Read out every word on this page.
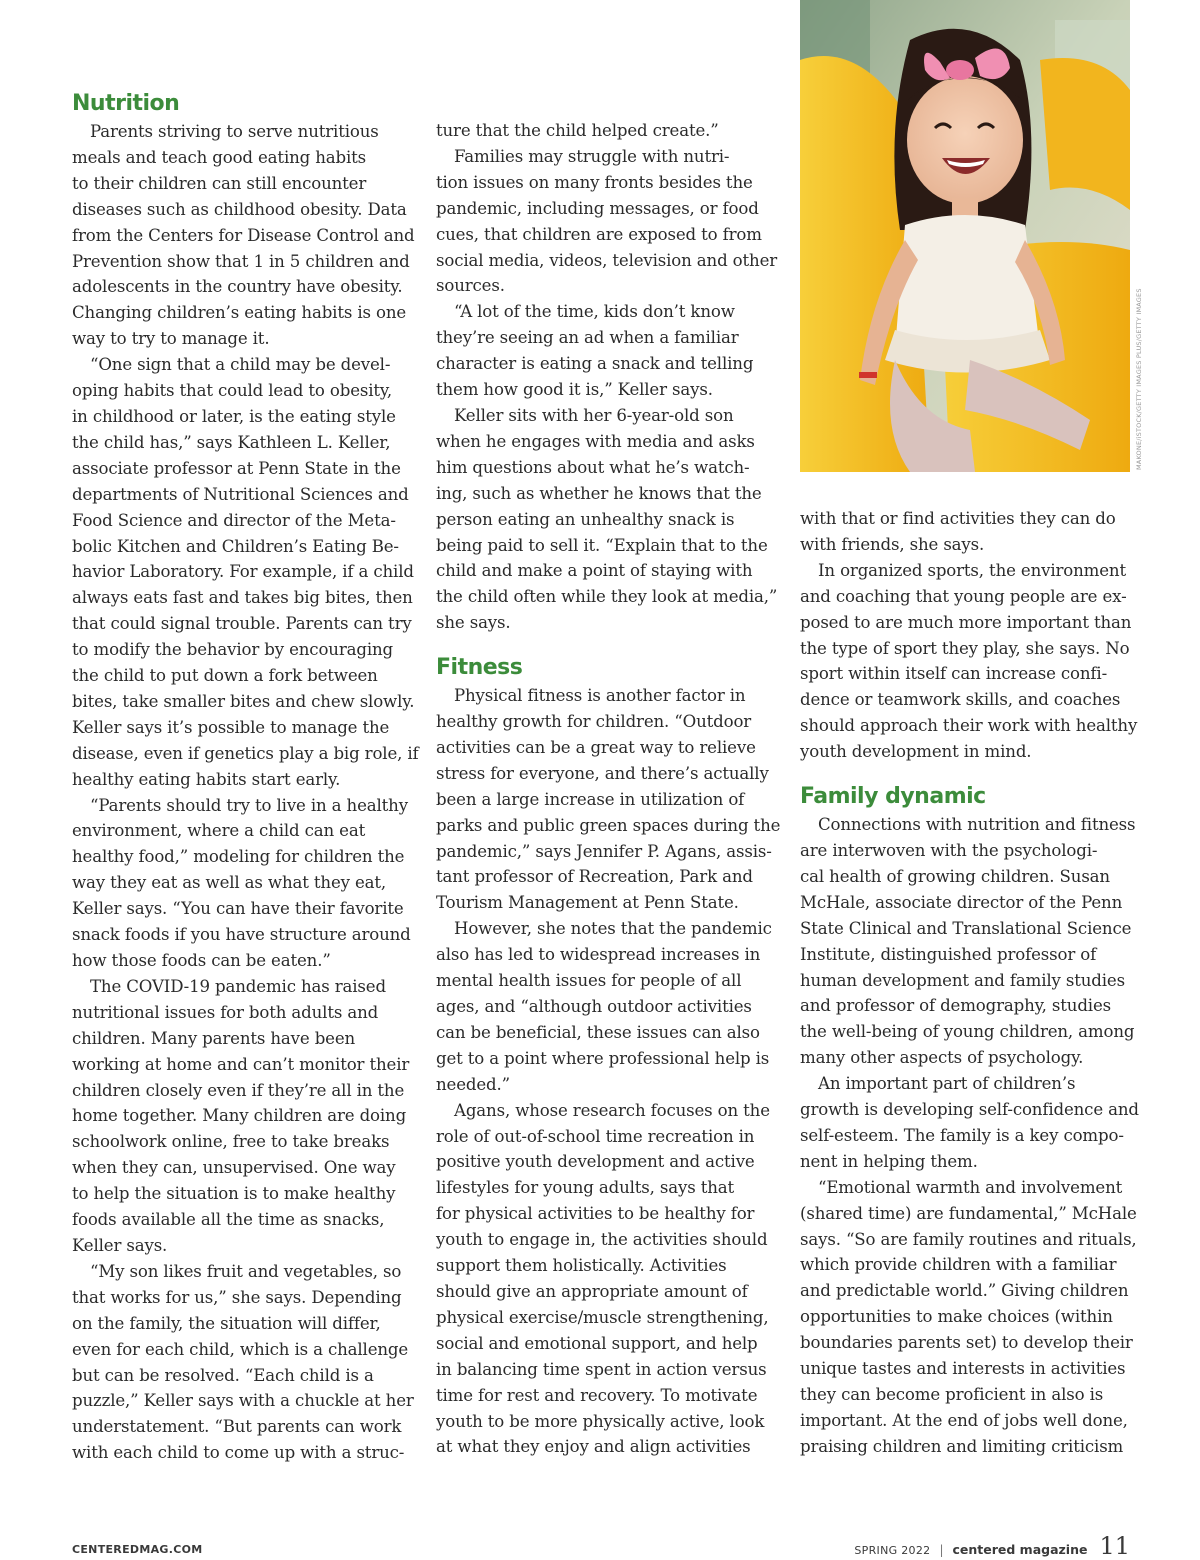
MAKONE/iSTOCK/GETTY IMAGES PLUS/GETTY IMAGES
Nutrition
Parents striving to serve nutritious
meals and teach good eating habits
to their children can still encounter
diseases such as childhood obesity. Data
from the Centers for Disease Control and
Prevention show that 1 in 5 children and
adolescents in the country have obesity.
Changing children’s eating habits is one
way to try to manage it.
“One sign that a child may be devel-
oping habits that could lead to obesity,
in childhood or later, is the eating style
the child has,” says Kathleen L. Keller,
associate professor at Penn State in the
departments of Nutritional Sciences and
Food Science and director of the Meta-
bolic Kitchen and Children’s Eating Be-
havior Laboratory. For example, if a child
always eats fast and takes big bites, then
that could signal trouble. Parents can try
to modify the behavior by encouraging
the child to put down a fork between
bites, take smaller bites and chew slowly.
Keller says it’s possible to manage the
disease, even if genetics play a big role, if
healthy eating habits start early.
“Parents should try to live in a healthy
environment, where a child can eat
healthy food,” modeling for children the
way they eat as well as what they eat,
Keller says. “You can have their favorite
snack foods if you have structure around
how those foods can be eaten.”
The COVID-19 pandemic has raised
nutritional issues for both adults and
children. Many parents have been
working at home and can’t monitor their
children closely even if they’re all in the
home together. Many children are doing
schoolwork online, free to take breaks
when they can, unsupervised. One way
to help the situation is to make healthy
foods available all the time as snacks,
Keller says.
“My son likes fruit and vegetables, so
that works for us,” she says. Depending
on the family, the situation will differ,
even for each child, which is a challenge
but can be resolved. “Each child is a
puzzle,” Keller says with a chuckle at her
understatement. “But parents can work
with each child to come up with a struc-
ture that the child helped create.”
Families may struggle with nutri-
tion issues on many fronts besides the
pandemic, including messages, or food
cues, that children are exposed to from
social media, videos, television and other
sources.
“A lot of the time, kids don’t know
they’re seeing an ad when a familiar
character is eating a snack and telling
them how good it is,” Keller says.
Keller sits with her 6-year-old son
when he engages with media and asks
him questions about what he’s watch-
ing, such as whether he knows that the
person eating an unhealthy snack is
being paid to sell it. “Explain that to the
child and make a point of staying with
the child often while they look at media,”
she says.
Fitness
Physical fitness is another factor in
healthy growth for children. “Outdoor
activities can be a great way to relieve
stress for everyone, and there’s actually
been a large increase in utilization of
parks and public green spaces during the
pandemic,” says Jennifer P. Agans, assis-
tant professor of Recreation, Park and
Tourism Management at Penn State.
However, she notes that the pandemic
also has led to widespread increases in
mental health issues for people of all
ages, and “although outdoor activities
can be beneficial, these issues can also
get to a point where professional help is
needed.”
Agans, whose research focuses on the
role of out-of-school time recreation in
positive youth development and active
lifestyles for young adults, says that
for physical activities to be healthy for
youth to engage in, the activities should
support them holistically. Activities
should give an appropriate amount of
physical exercise/muscle strengthening,
social and emotional support, and help
in balancing time spent in action versus
time for rest and recovery. To motivate
youth to be more physically active, look
at what they enjoy and align activities
with that or find activities they can do
with friends, she says.
In organized sports, the environment
and coaching that young people are ex-
posed to are much more important than
the type of sport they play, she says. No
sport within itself can increase confi-
dence or teamwork skills, and coaches
should approach their work with healthy
youth development in mind.
Family dynamic
Connections with nutrition and fitness
are interwoven with the psychologi-
cal health of growing children. Susan
McHale, associate director of the Penn
State Clinical and Translational Science
Institute, distinguished professor of
human development and family studies
and professor of demography, studies
the well-being of young children, among
many other aspects of psychology.
An important part of children’s
growth is developing self-confidence and
self-esteem. The family is a key compo-
nent in helping them.
“Emotional warmth and involvement
(shared time) are fundamental,” McHale
says. “So are family routines and rituals,
which provide children with a familiar
and predictable world.” Giving children
opportunities to make choices (within
boundaries parents set) to develop their
unique tastes and interests in activities
they can become proficient in also is
important. At the end of jobs well done,
praising children and limiting criticism
CENTEREDMAG.COM	SPRING 2022 | centered magazine 11
